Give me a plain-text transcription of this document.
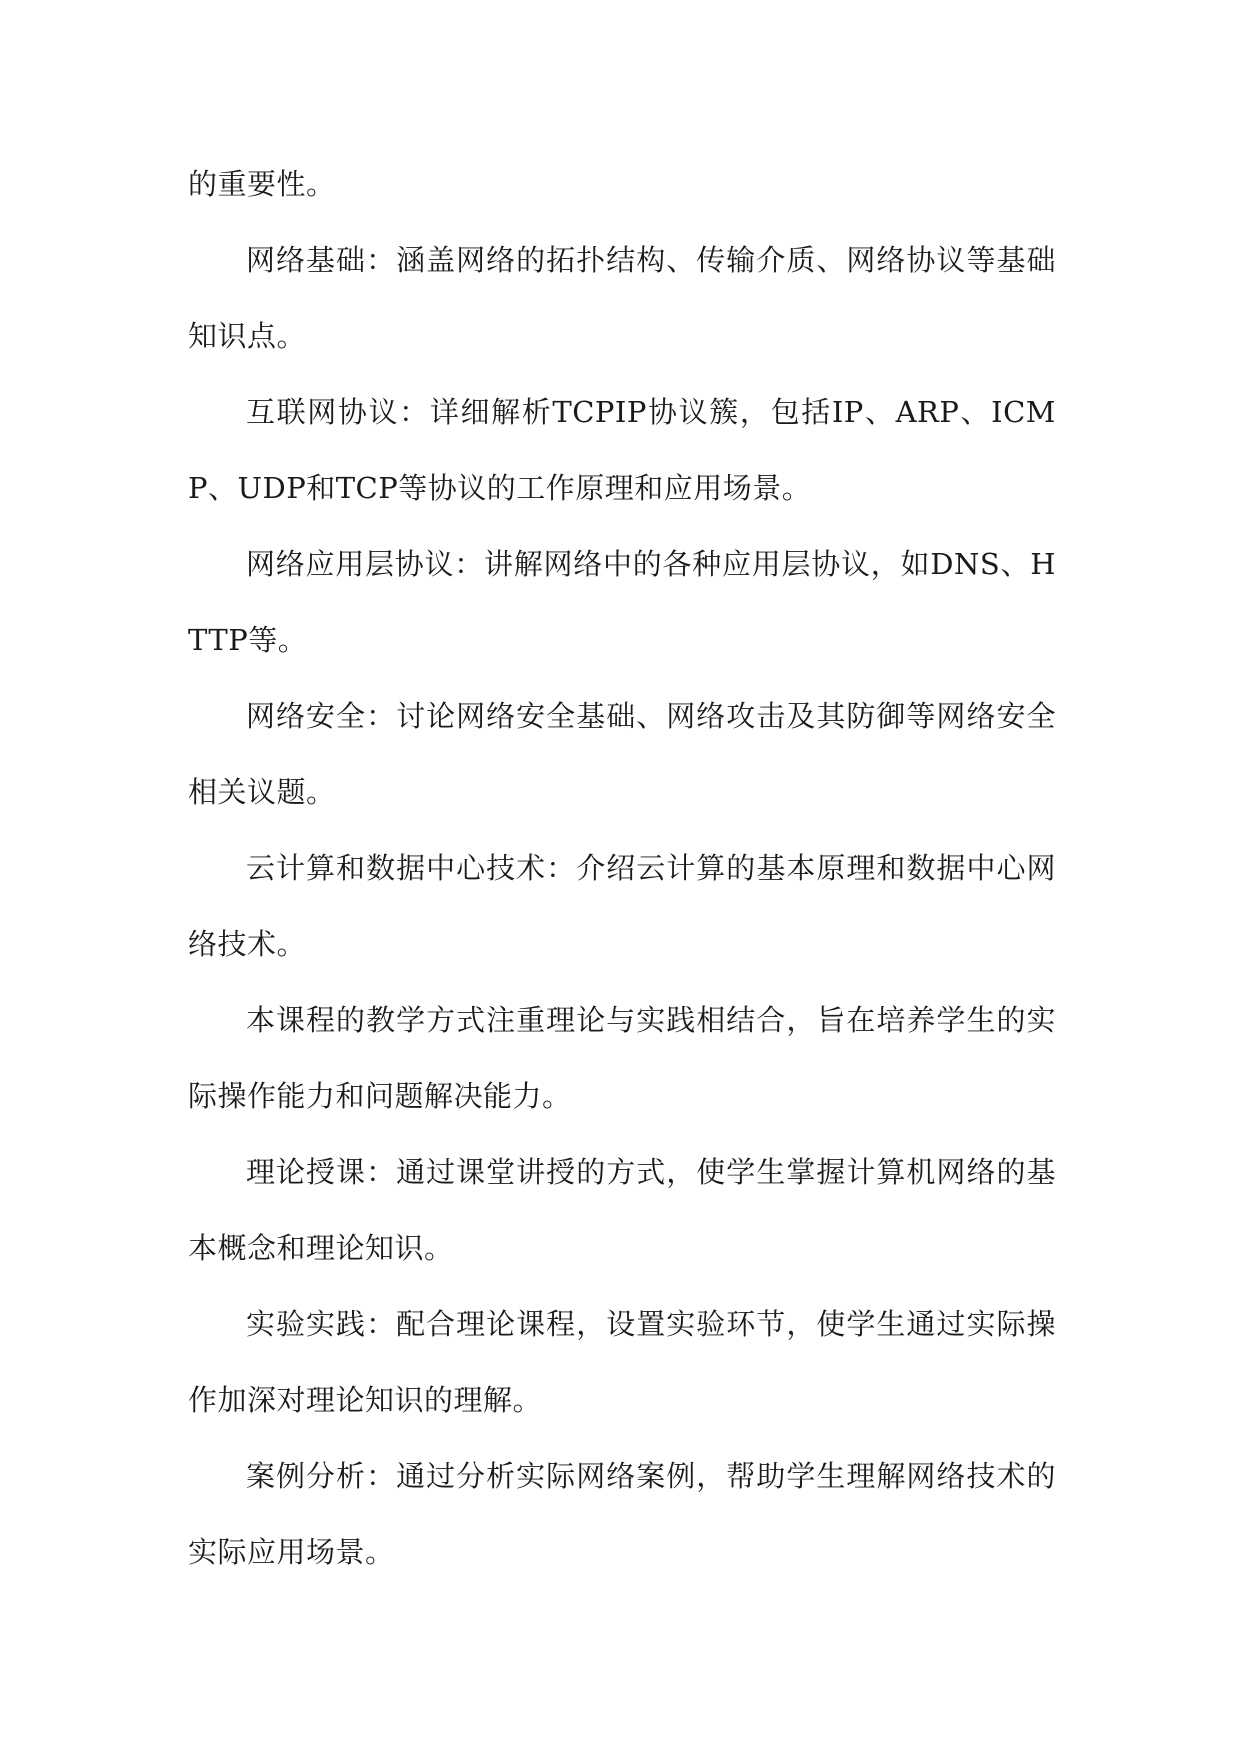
的重要性。

网络基础：涵盖网络的拓扑结构、传输介质、网络协议等基础知识点。

互联网协议：详细解析TCPIP协议簇，包括IP、ARP、ICMP、UDP和TCP等协议的工作原理和应用场景。

网络应用层协议：讲解网络中的各种应用层协议，如DNS、HTTP等。

网络安全：讨论网络安全基础、网络攻击及其防御等网络安全相关议题。

云计算和数据中心技术：介绍云计算的基本原理和数据中心网络技术。

本课程的教学方式注重理论与实践相结合，旨在培养学生的实际操作能力和问题解决能力。

理论授课：通过课堂讲授的方式，使学生掌握计算机网络的基本概念和理论知识。

实验实践：配合理论课程，设置实验环节，使学生通过实际操作加深对理论知识的理解。

案例分析：通过分析实际网络案例，帮助学生理解网络技术的实际应用场景。
